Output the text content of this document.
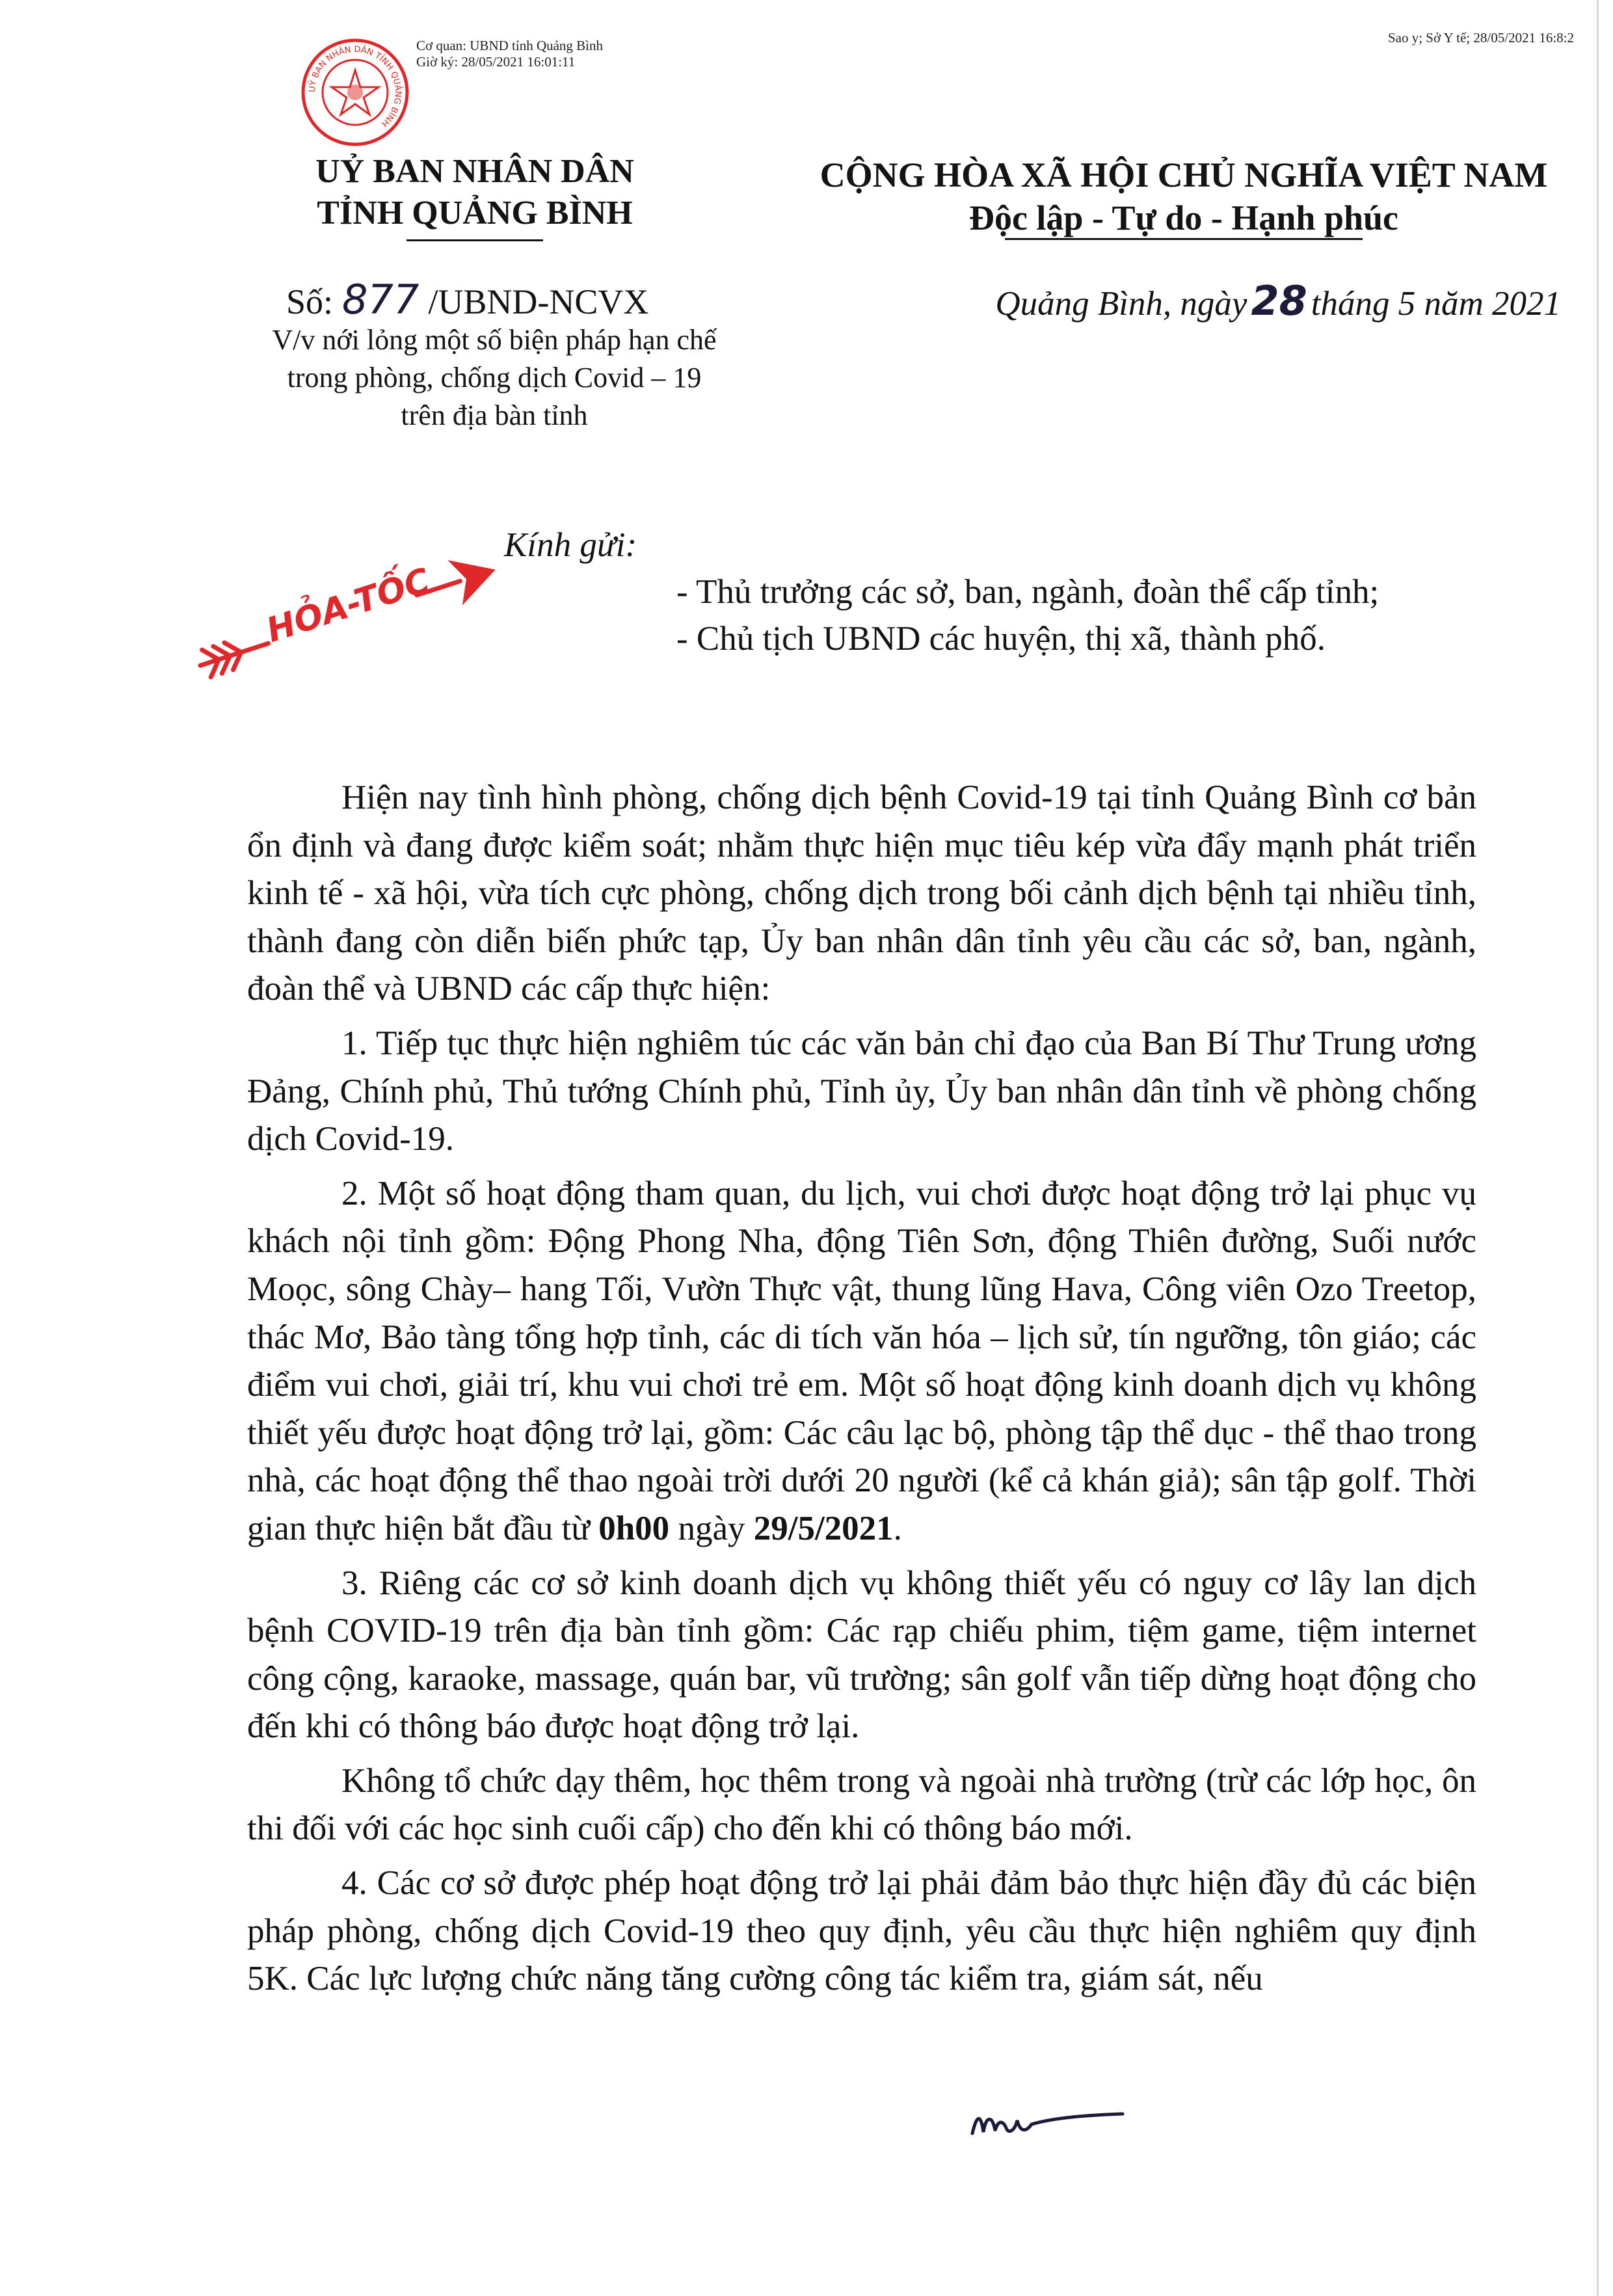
Cơ quan: UBND tỉnh Quảng Bình
Giờ ký: 28/05/2021 16:01:11
Sao y; Sở Y tế; 28/05/2021 16:8:2
UỶ BAN NHÂN DÂN TỈNH QUẢNG BÌNH
UỶ BAN NHÂN DÂN
TỈNH QUẢNG BÌNH
CỘNG HÒA XÃ HỘI CHỦ NGHĨA VIỆT NAM
Độc lập - Tự do - Hạnh phúc
Số: 877 /UBND-NCVX
V/v nới lỏng một số biện pháp hạn chế
trong phòng, chống dịch Covid – 19
trên địa bàn tỉnh
Quảng Bình, ngày28 tháng 5 năm 2021
HỎA-TỐC
Kính gửi:
- Thủ trưởng các sở, ban, ngành, đoàn thể cấp tỉnh;
- Chủ tịch UBND các huyện, thị xã, thành phố.

Hiện nay tình hình phòng, chống dịch bệnh Covid-19 tại tỉnh Quảng Bình cơ bản ổn định và đang được kiểm soát; nhằm thực hiện mục tiêu kép vừa đẩy mạnh phát triển kinh tế - xã hội, vừa tích cực phòng, chống dịch trong bối cảnh dịch bệnh tại nhiều tỉnh, thành đang còn diễn biến phức tạp, Ủy ban nhân dân tỉnh yêu cầu các sở, ban, ngành, đoàn thể và UBND các cấp thực hiện:

1. Tiếp tục thực hiện nghiêm túc các văn bản chỉ đạo của Ban Bí Thư Trung ương Đảng, Chính phủ, Thủ tướng Chính phủ, Tỉnh ủy, Ủy ban nhân dân tỉnh về phòng chống dịch Covid-19.

2. Một số hoạt động tham quan, du lịch, vui chơi được hoạt động trở lại phục vụ khách nội tỉnh gồm: Động Phong Nha, động Tiên Sơn, động Thiên đường, Suối nước Moọc, sông Chày– hang Tối, Vườn Thực vật, thung lũng Hava, Công viên Ozo Treetop, thác Mơ, Bảo tàng tổng hợp tỉnh, các di tích văn hóa – lịch sử, tín ngưỡng, tôn giáo; các điểm vui chơi, giải trí, khu vui chơi trẻ em. Một số hoạt động kinh doanh dịch vụ không thiết yếu được hoạt động trở lại, gồm: Các câu lạc bộ, phòng tập thể dục - thể thao trong nhà, các hoạt động thể thao ngoài trời dưới 20 người (kể cả khán giả); sân tập golf. Thời gian thực hiện bắt đầu từ 0h00 ngày 29/5/2021.

3. Riêng các cơ sở kinh doanh dịch vụ không thiết yếu có nguy cơ lây lan dịch bệnh COVID-19 trên địa bàn tỉnh gồm: Các rạp chiếu phim, tiệm game, tiệm internet công cộng, karaoke, massage, quán bar, vũ trường; sân golf vẫn tiếp dừng hoạt động cho đến khi có thông báo được hoạt động trở lại.

Không tổ chức dạy thêm, học thêm trong và ngoài nhà trường (trừ các lớp học, ôn thi đối với các học sinh cuối cấp) cho đến khi có thông báo mới.

4. Các cơ sở được phép hoạt động trở lại phải đảm bảo thực hiện đầy đủ các biện pháp phòng, chống dịch Covid-19 theo quy định, yêu cầu thực hiện nghiêm quy định 5K. Các lực lượng chức năng tăng cường công tác kiểm tra, giám sát, nếu
